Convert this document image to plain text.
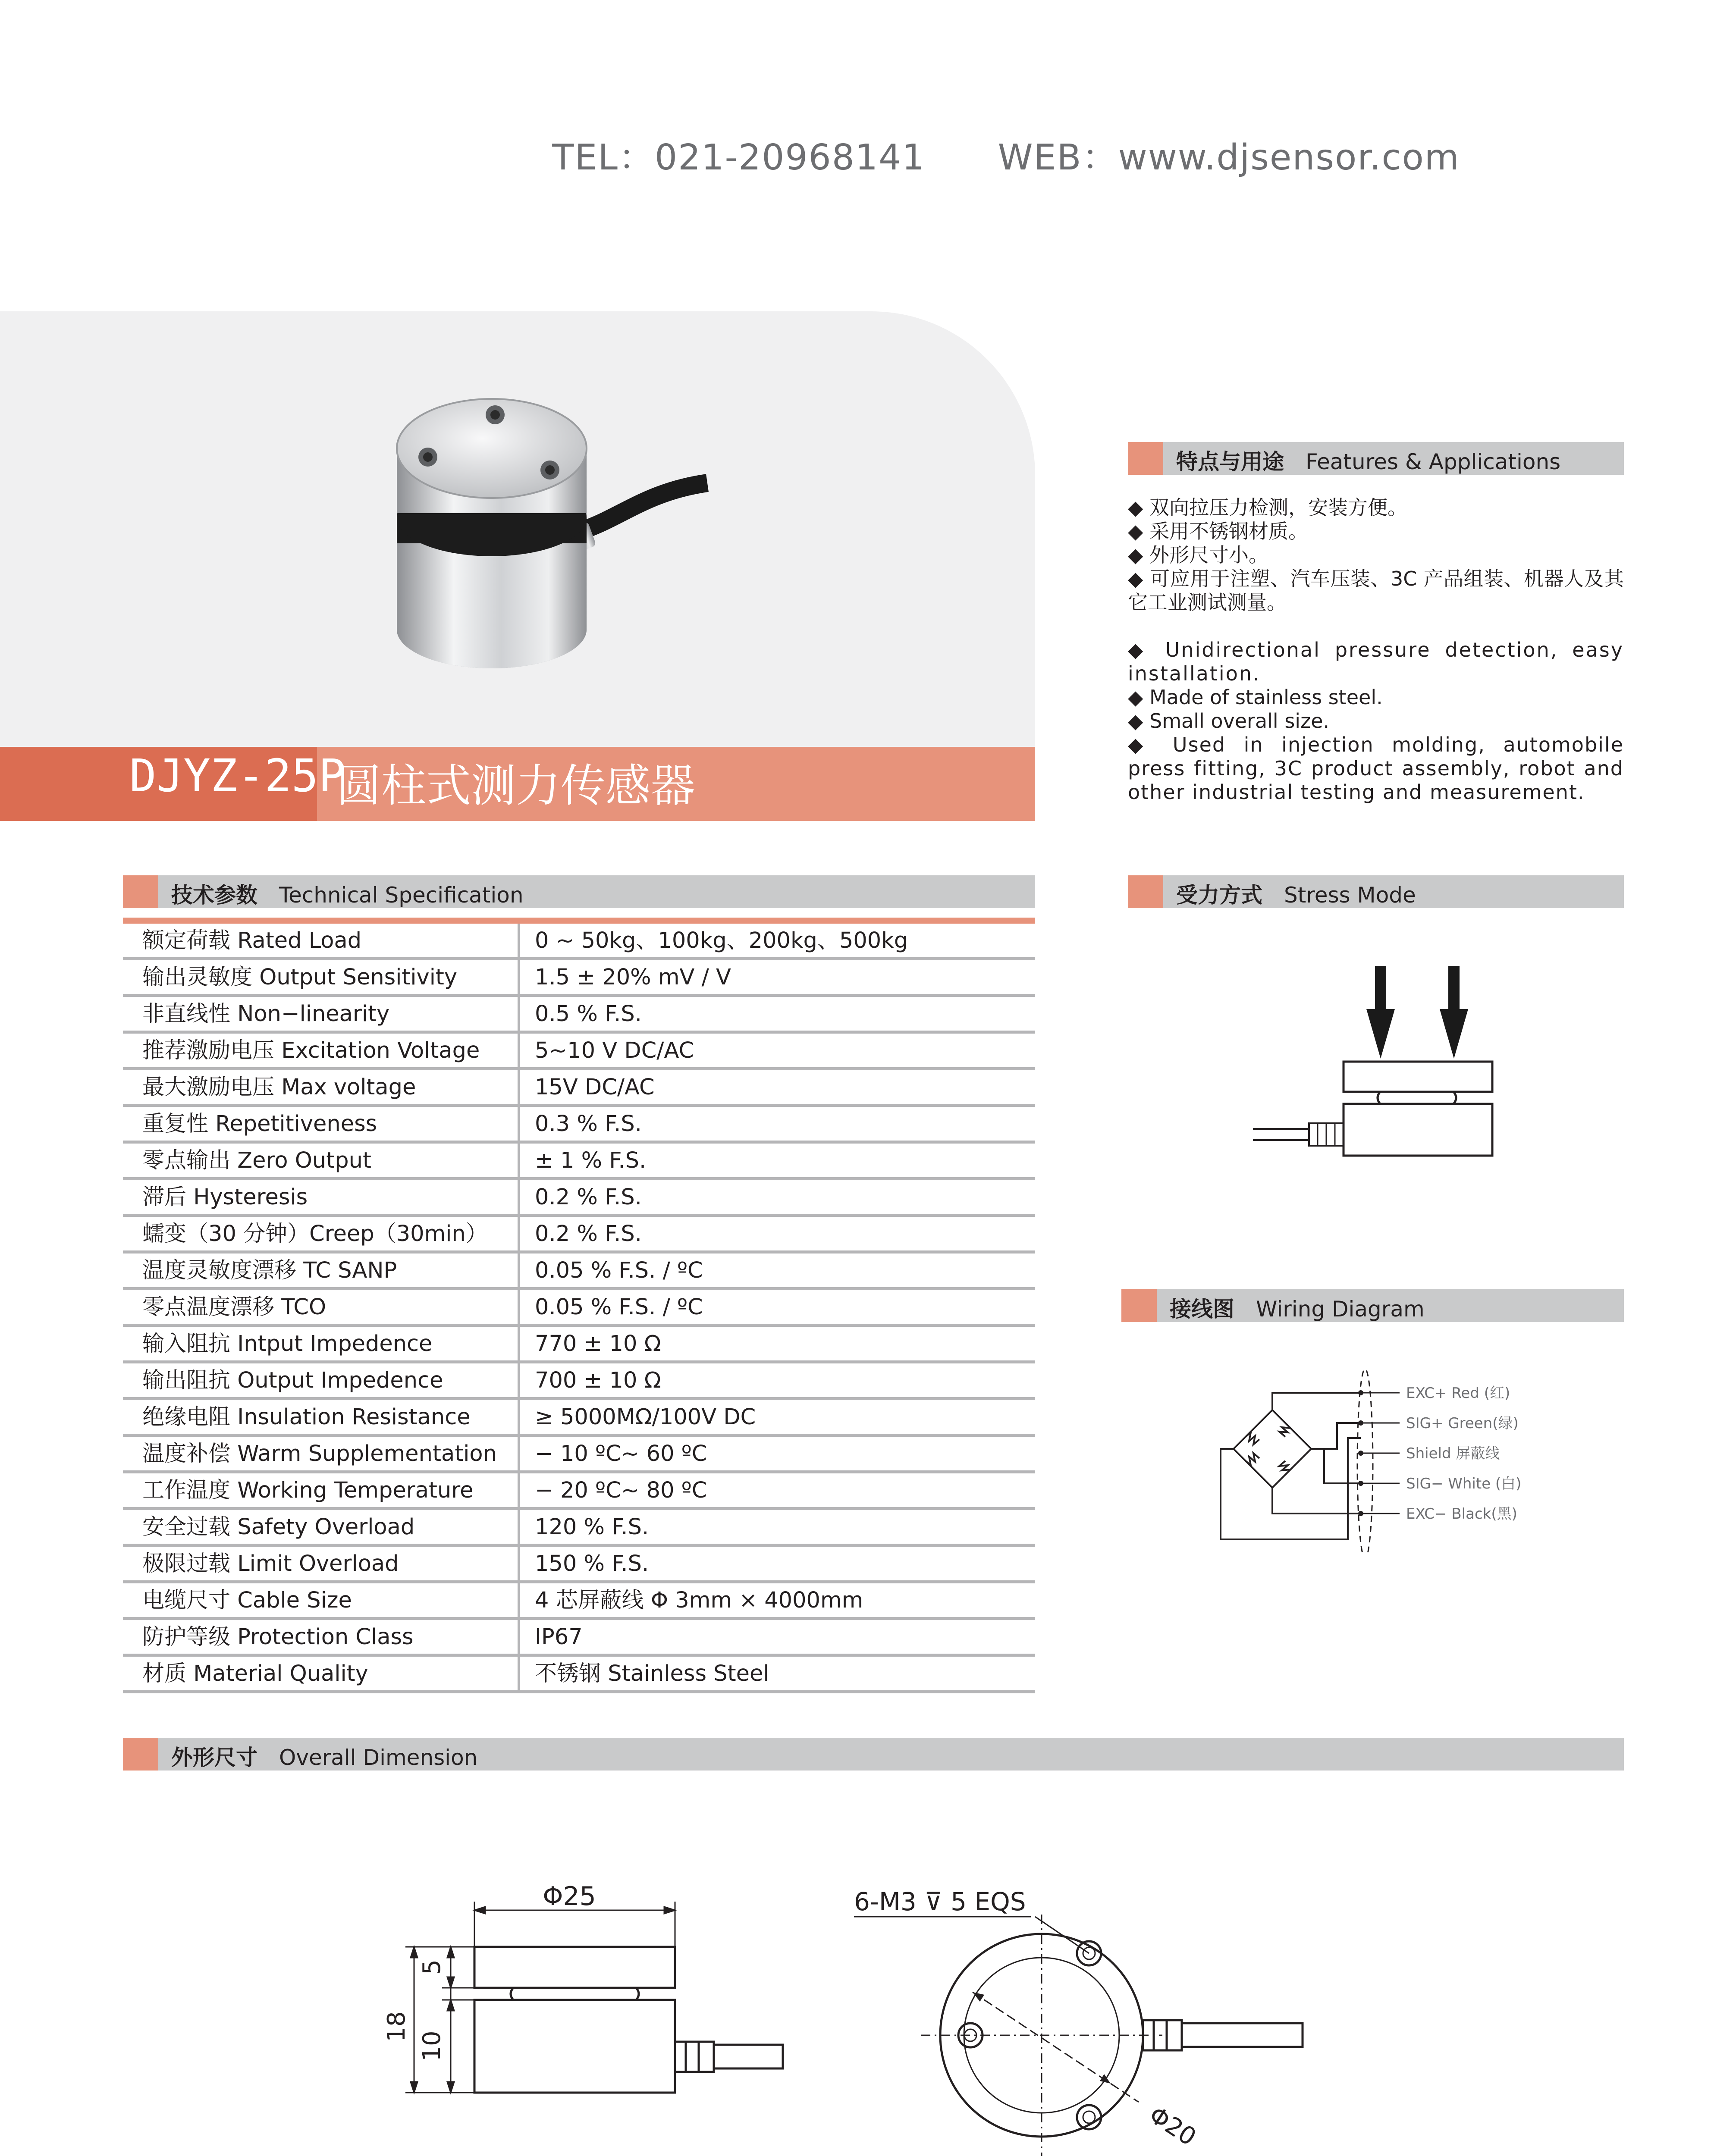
TEL：021-20968141 WEB：www.djsensor.com
DJYZ-25P
圆柱式测力传感器
特点与用途 Features & Applications
◆ 双向拉压力检测，安装方便。
◆ 采用不锈钢材质。
◆ 外形尺寸小。
◆ 可应用于注塑、汽车压装、3C 产品组装、机器人及其它工业测试测量。
◆ Unidirectional pressure detection, easy installation.
◆ Made of stainless steel.
◆ Small overall size.
◆ Used in injection molding, automobile press fitting, 3C product assembly, robot and other industrial testing and measurement.
技术参数 Technical Specification
额定荷载 Rated Load	0 ~ 50kg、100kg、200kg、500kg
输出灵敏度 Output Sensitivity	1.5 ± 20% mV / V
非直线性 Non−linearity	0.5 % F.S.
推荐激励电压 Excitation Voltage	5~10 V DC/AC
最大激励电压 Max voltage	15V DC/AC
重复性 Repetitiveness	0.3 % F.S.
零点输出 Zero Output	± 1 % F.S.
滞后 Hysteresis	0.2 % F.S.
蠕变（30 分钟）Creep（30min）	0.2 % F.S.
温度灵敏度漂移 TC SANP	0.05 % F.S. / ºC
零点温度漂移 TCO	0.05 % F.S. / ºC
输入阻抗 Intput Impedence	770 ± 10 Ω
输出阻抗 Output Impedence	700 ± 10 Ω
绝缘电阻 Insulation Resistance	≥ 5000MΩ/100V DC
温度补偿 Warm Supplementation	− 10 ºC~ 60 ºC
工作温度 Working Temperature	− 20 ºC~ 80 ºC
安全过载 Safety Overload	120 % F.S.
极限过载 Limit Overload	150 % F.S.
电缆尺寸 Cable Size	4 芯屏蔽线 Φ 3mm × 4000mm
防护等级 Protection Class	IP67
材质 Material Quality	不锈钢 Stainless Steel
受力方式 Stress Mode
接线图 Wiring Diagram
EXC+ Red (红)
SIG+ Green(绿)
Shield 屏蔽线
SIG− White (白)
EXC− Black(黑)
外形尺寸 Overall Dimension
Φ25
18
5
10
6-M3 ⊽ 5 EQS
Φ20
